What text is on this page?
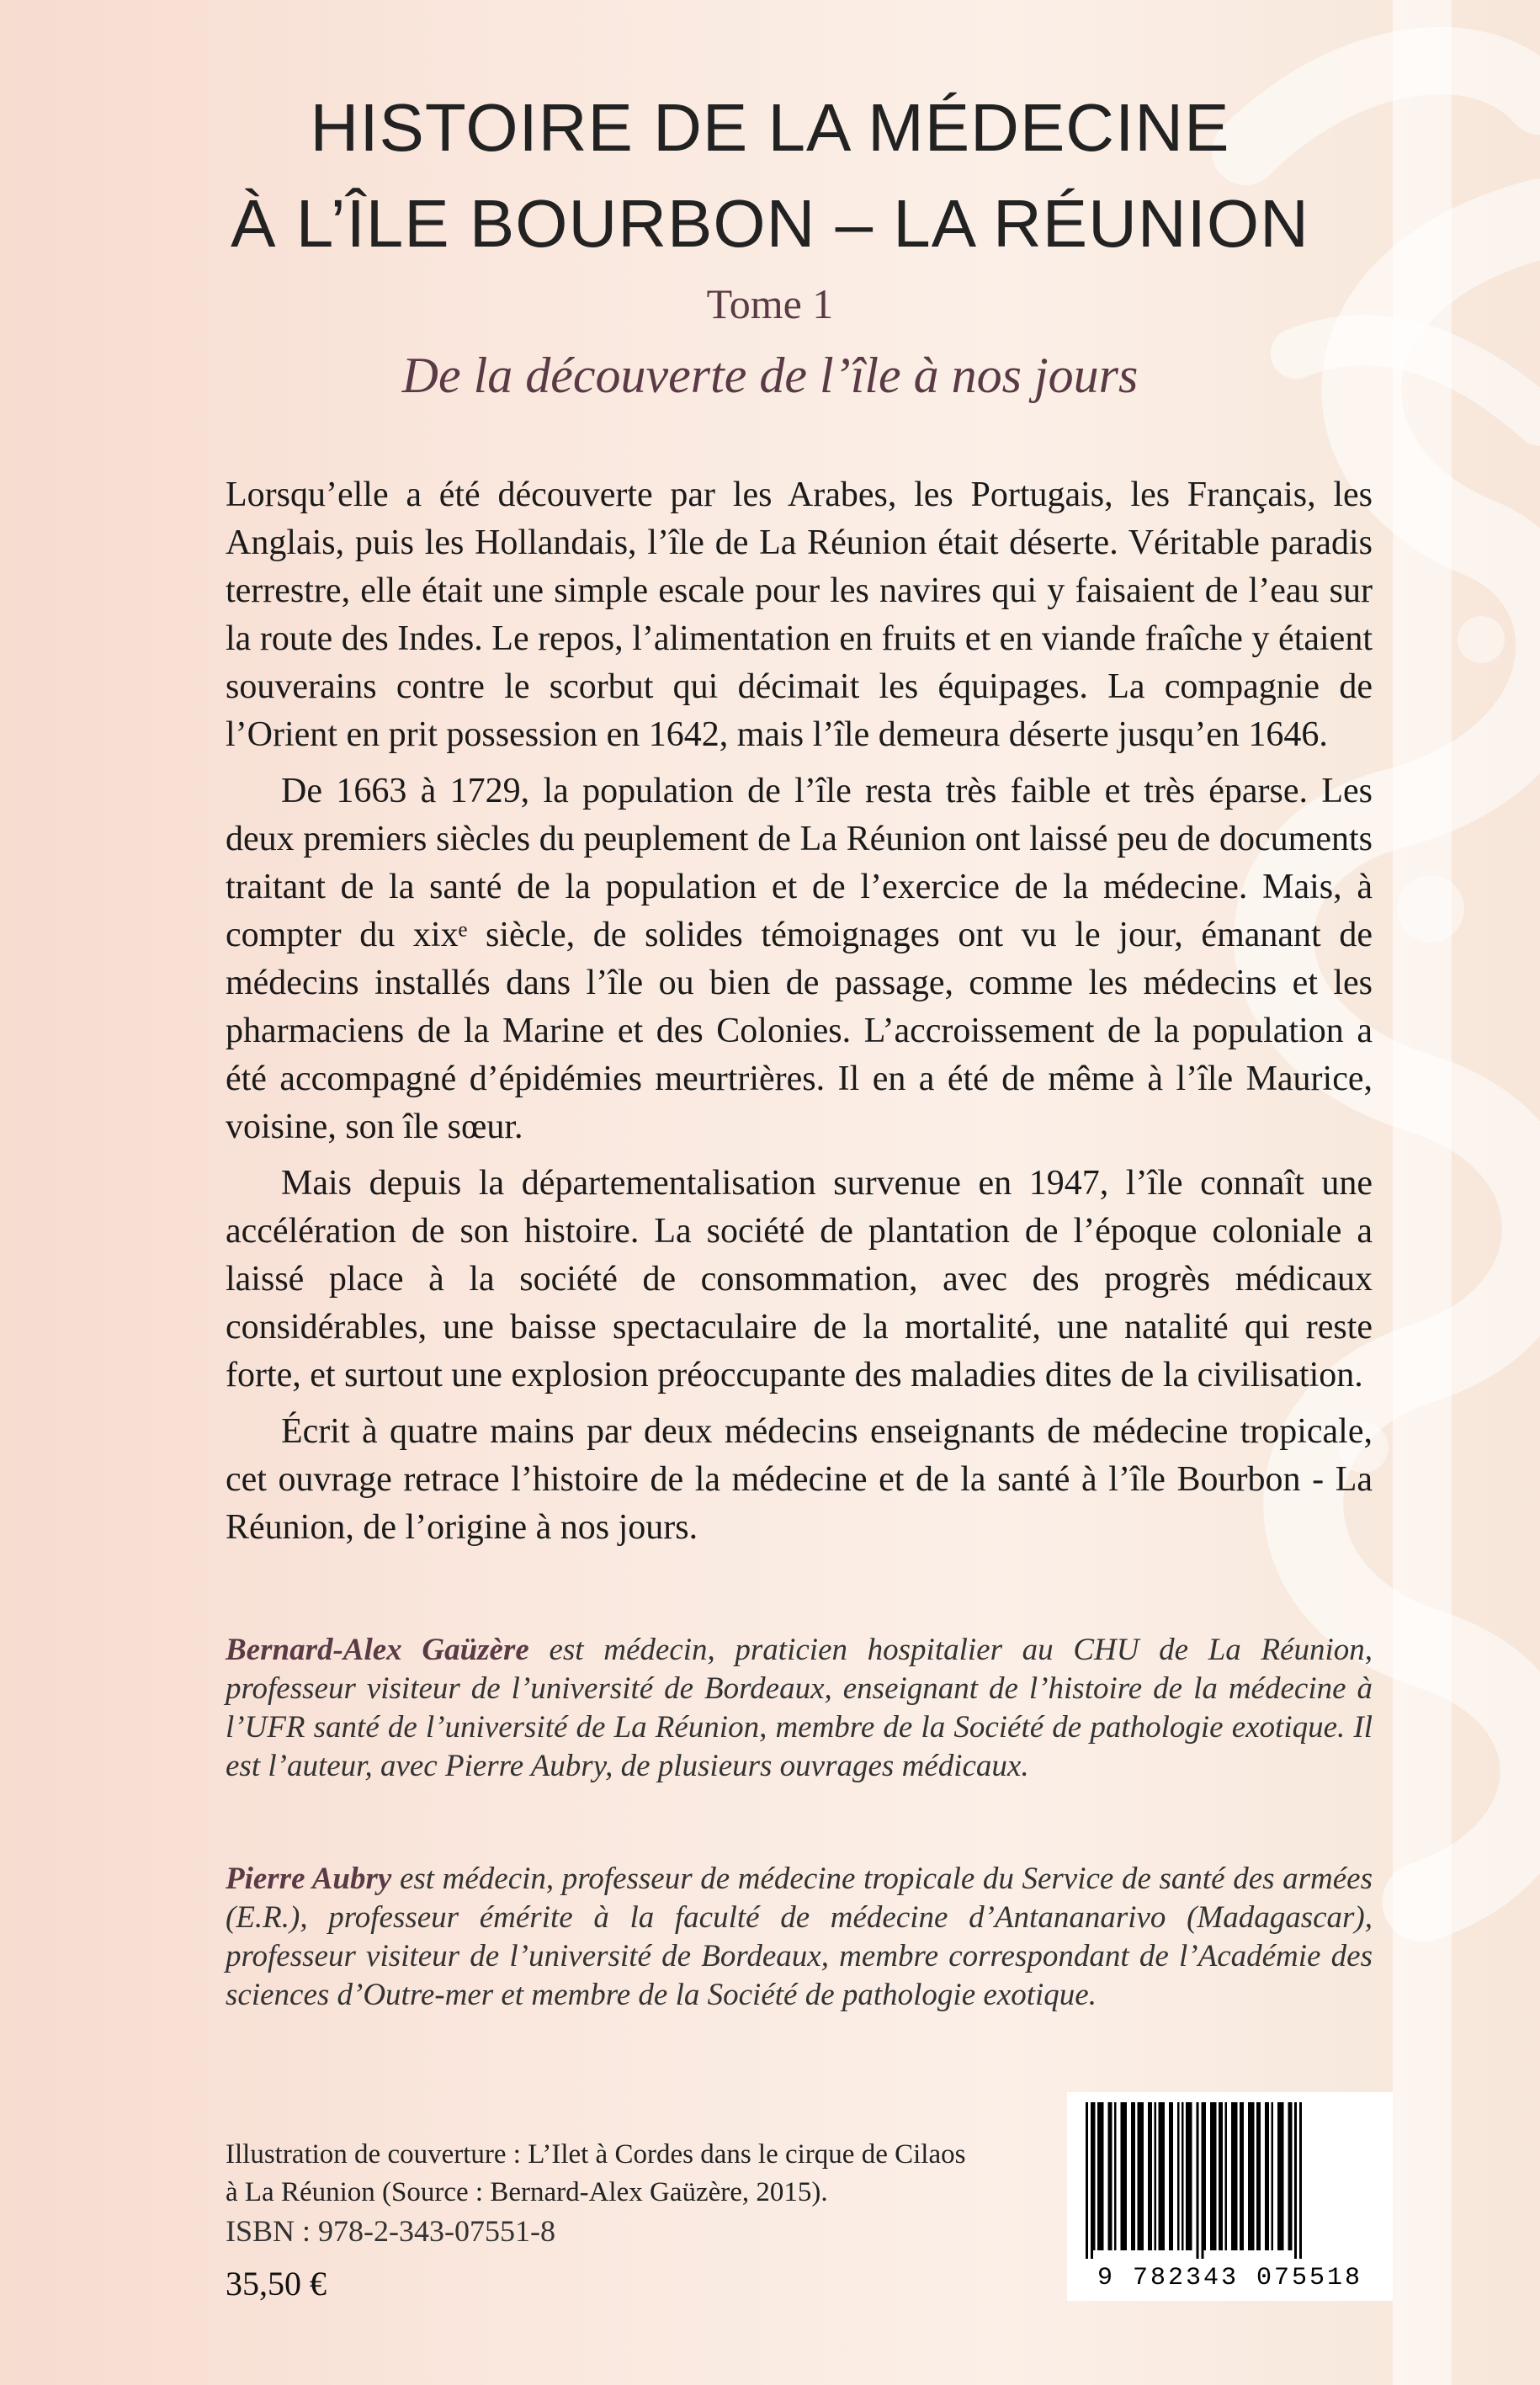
HISTOIRE DE LA MÉDECINE
À L’ÎLE BOURBON – LA RÉUNION
Tome 1
De la découverte de l’île à nos jours

Lorsqu’elle a été découverte par les Arabes, les Portugais, les Français, les Anglais, puis les Hollandais, l’île de La Réunion était déserte. Véritable paradis terrestre, elle était une simple escale pour les navires qui y faisaient de l’eau sur la route des Indes. Le repos, l’alimentation en fruits et en viande fraîche y étaient souverains contre le scorbut qui décimait les équipages. La compagnie de l’Orient en prit possession en 1642, mais l’île demeura déserte jusqu’en 1646.

De 1663 à 1729, la population de l’île resta très faible et très éparse. Les deux premiers siècles du peuplement de La Réunion ont laissé peu de documents traitant de la santé de la population et de l’exercice de la médecine. Mais, à compter du xixᵉ siècle, de solides témoignages ont vu le jour, émanant de médecins installés dans l’île ou bien de passage, comme les médecins et les pharmaciens de la Marine et des Colonies. L’accroissement de la population a été accompagné d’épidémies meurtrières. Il en a été de même à l’île Maurice, voisine, son île sœur.

Mais depuis la départementalisation survenue en 1947, l’île connaît une accélération de son histoire. La société de plantation de l’époque coloniale a laissé place à la société de consommation, avec des progrès médicaux considérables, une baisse spectaculaire de la mortalité, une natalité qui reste forte, et surtout une explosion préoccupante des maladies dites de la civilisation.

Écrit à quatre mains par deux médecins enseignants de médecine tropicale, cet ouvrage retrace l’histoire de la médecine et de la santé à l’île Bourbon - La Réunion, de l’origine à nos jours.

Bernard-Alex Gaüzère est médecin, praticien hospitalier au CHU de La Réunion, professeur visiteur de l’université de Bordeaux, enseignant de l’histoire de la médecine à l’UFR santé de l’université de La Réunion, membre de la Société de pathologie exotique. Il est l’auteur, avec Pierre Aubry, de plusieurs ouvrages médicaux.
Pierre Aubry est médecin, professeur de médecine tropicale du Service de santé des armées (E.R.), professeur émérite à la faculté de médecine d’Antananarivo (Madagascar), professeur visiteur de l’université de Bordeaux, membre correspondant de l’Académie des sciences d’Outre-mer et membre de la Société de pathologie exotique.
Illustration de couverture : L’Ilet à Cordes dans le cirque de Cilaos
à La Réunion (Source : Bernard-Alex Gaüzère, 2015).
ISBN : 978-2-343-07551-8
35,50 €	9 782343 075518
